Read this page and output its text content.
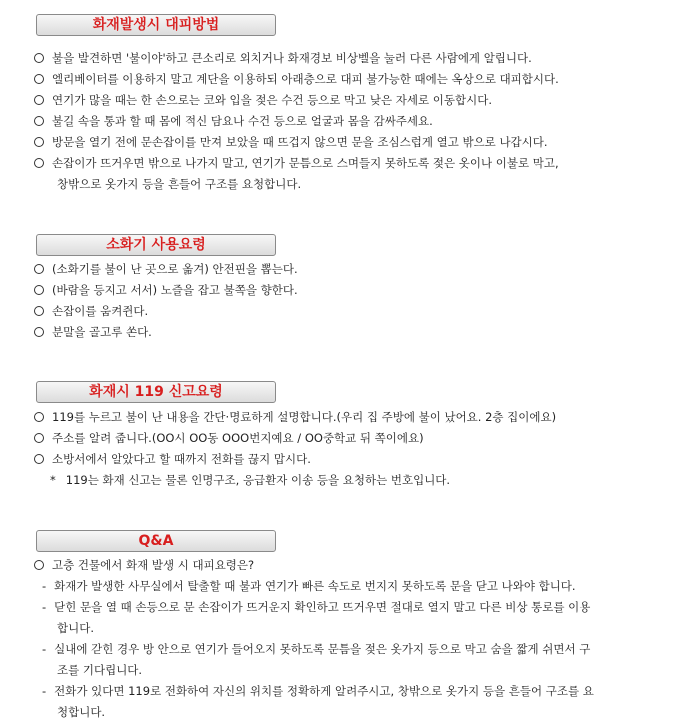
화재발생시 대피방법
불을 발견하면 '불이야'하고 큰소리로 외치거나 화재경보 비상벨을 눌러 다른 사람에게 알립니다.
엘리베이터를 이용하지 말고 계단을 이용하되 아래층으로 대피 불가능한 때에는 옥상으로 대피합시다.
연기가 많을 때는 한 손으로는 코와 입을 젖은 수건 등으로 막고 낮은 자세로 이동합시다.
불길 속을 통과 할 때 몸에 적신 담요나 수건 등으로 얼굴과 몸을 감싸주세요.
방문을 열기 전에 문손잡이를 만져 보았을 때 뜨겁지 않으면 문을 조심스럽게 열고 밖으로 나갑시다.
손잡이가 뜨거우면 밖으로 나가지 말고, 연기가 문틈으로 스며들지 못하도록 젖은 옷이나 이불로 막고,
창밖으로 옷가지 등을 흔들어 구조를 요청합니다.
소화기 사용요령
(소화기를 불이 난 곳으로 옮겨) 안전핀을 뽑는다.
(바람을 등지고 서서) 노즐을 잡고 불쪽을 향한다.
손잡이를 움켜쥔다.
분말을 골고루 쏜다.
화재시 119 신고요령
119를 누르고 불이 난 내용을 간단·명료하게 설명합니다.(우리 집 주방에 불이 났어요. 2층 집이에요)
주소를 알려 줍니다.(OO시 OO동 OOO번지예요 / OO중학교 뒤 쪽이에요)
소방서에서 알았다고 할 때까지 전화를 끊지 맙시다.
* 119는 화재 신고는 물론 인명구조, 응급환자 이송 등을 요청하는 번호입니다.
Q&A
고층 건물에서 화재 발생 시 대피요령은?
- 화재가 발생한 사무실에서 탈출할 때 불과 연기가 빠른 속도로 번지지 못하도록 문을 닫고 나와야 합니다.
- 닫힌 문을 열 때 손등으로 문 손잡이가 뜨거운지 확인하고 뜨거우면 절대로 열지 말고 다른 비상 통로를 이용
합니다.
- 실내에 갇힌 경우 방 안으로 연기가 들어오지 못하도록 문틈을 젖은 옷가지 등으로 막고 숨을 짧게 쉬면서 구
조를 기다립니다.
- 전화가 있다면 119로 전화하여 자신의 위치를 정확하게 알려주시고, 창밖으로 옷가지 등을 흔들어 구조를 요
청합니다.
